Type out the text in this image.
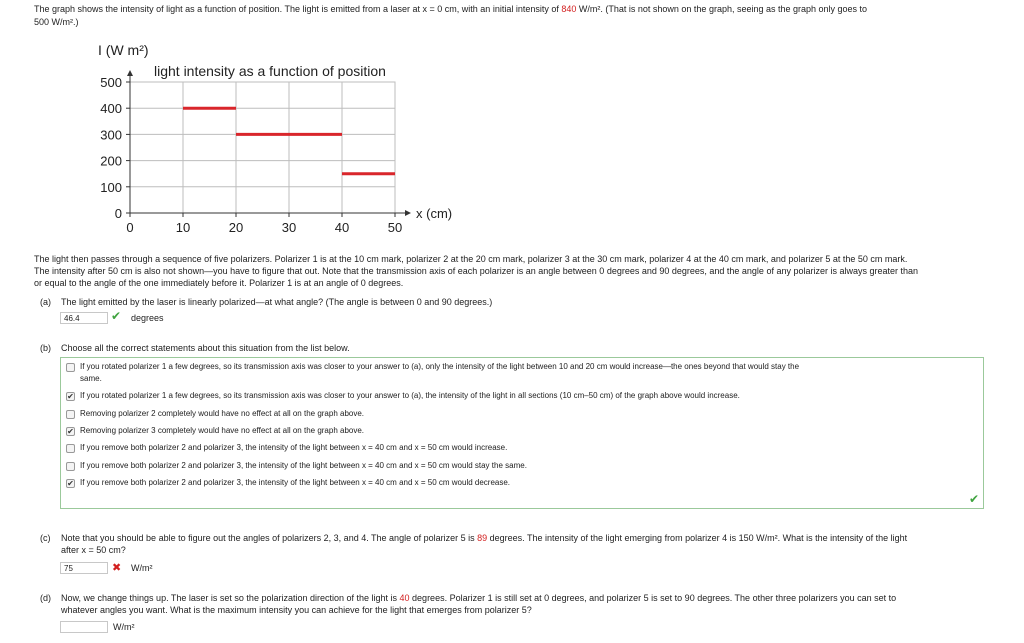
The graph shows the intensity of light as a function of position. The light is emitted from a laser at x = 0 cm, with an initial intensity of 840 W/m². (That is not shown on the graph, seeing as the graph only goes to
500 W/m².)
0
100
200
300
400
500
0	10	20	30	40	50
I (W m²)
light intensity as a function of position
x (cm)
The light then passes through a sequence of five polarizers. Polarizer 1 is at the 10 cm mark, polarizer 2 at the 20 cm mark, polarizer 3 at the 30 cm mark, polarizer 4 at the 40 cm mark, and polarizer 5 at the 50 cm mark.
The intensity after 50 cm is also not shown—you have to figure that out. Note that the transmission axis of each polarizer is an angle between 0 degrees and 90 degrees, and the angle of any polarizer is always greater than
or equal to the angle of the one immediately before it. Polarizer 1 is at an angle of 0 degrees.
(a) The light emitted by the laser is linearly polarized—at what angle? (The angle is between 0 and 90 degrees.)
46.4	✔ degrees
(b) Choose all the correct statements about this situation from the list below.
✔
If you rotated polarizer 1 a few degrees, so its transmission axis was closer to your answer to (a), only the intensity of the light between 10 and 20 cm would increase—the ones beyond that would stay the
same.
✔ If you rotated polarizer 1 a few degrees, so its transmission axis was closer to your answer to (a), the intensity of the light in all sections (10 cm–50 cm) of the graph above would increase.
Removing polarizer 2 completely would have no effect at all on the graph above.
✔ Removing polarizer 3 completely would have no effect at all on the graph above.
If you remove both polarizer 2 and polarizer 3, the intensity of the light between x = 40 cm and x = 50 cm would increase.
If you remove both polarizer 2 and polarizer 3, the intensity of the light between x = 40 cm and x = 50 cm would stay the same.
✔ If you remove both polarizer 2 and polarizer 3, the intensity of the light between x = 40 cm and x = 50 cm would decrease.
(c) Note that you should be able to figure out the angles of polarizers 2, 3, and 4. The angle of polarizer 5 is 89 degrees. The intensity of the light emerging from polarizer 4 is 150 W/m². What is the intensity of the light
after x = 50 cm?
75	✖ W/m²
(d) Now, we change things up. The laser is set so the polarization direction of the light is 40 degrees. Polarizer 1 is still set at 0 degrees, and polarizer 5 is set to 90 degrees. The other three polarizers you can set to
whatever angles you want. What is the maximum intensity you can achieve for the light that emerges from polarizer 5?
W/m²
